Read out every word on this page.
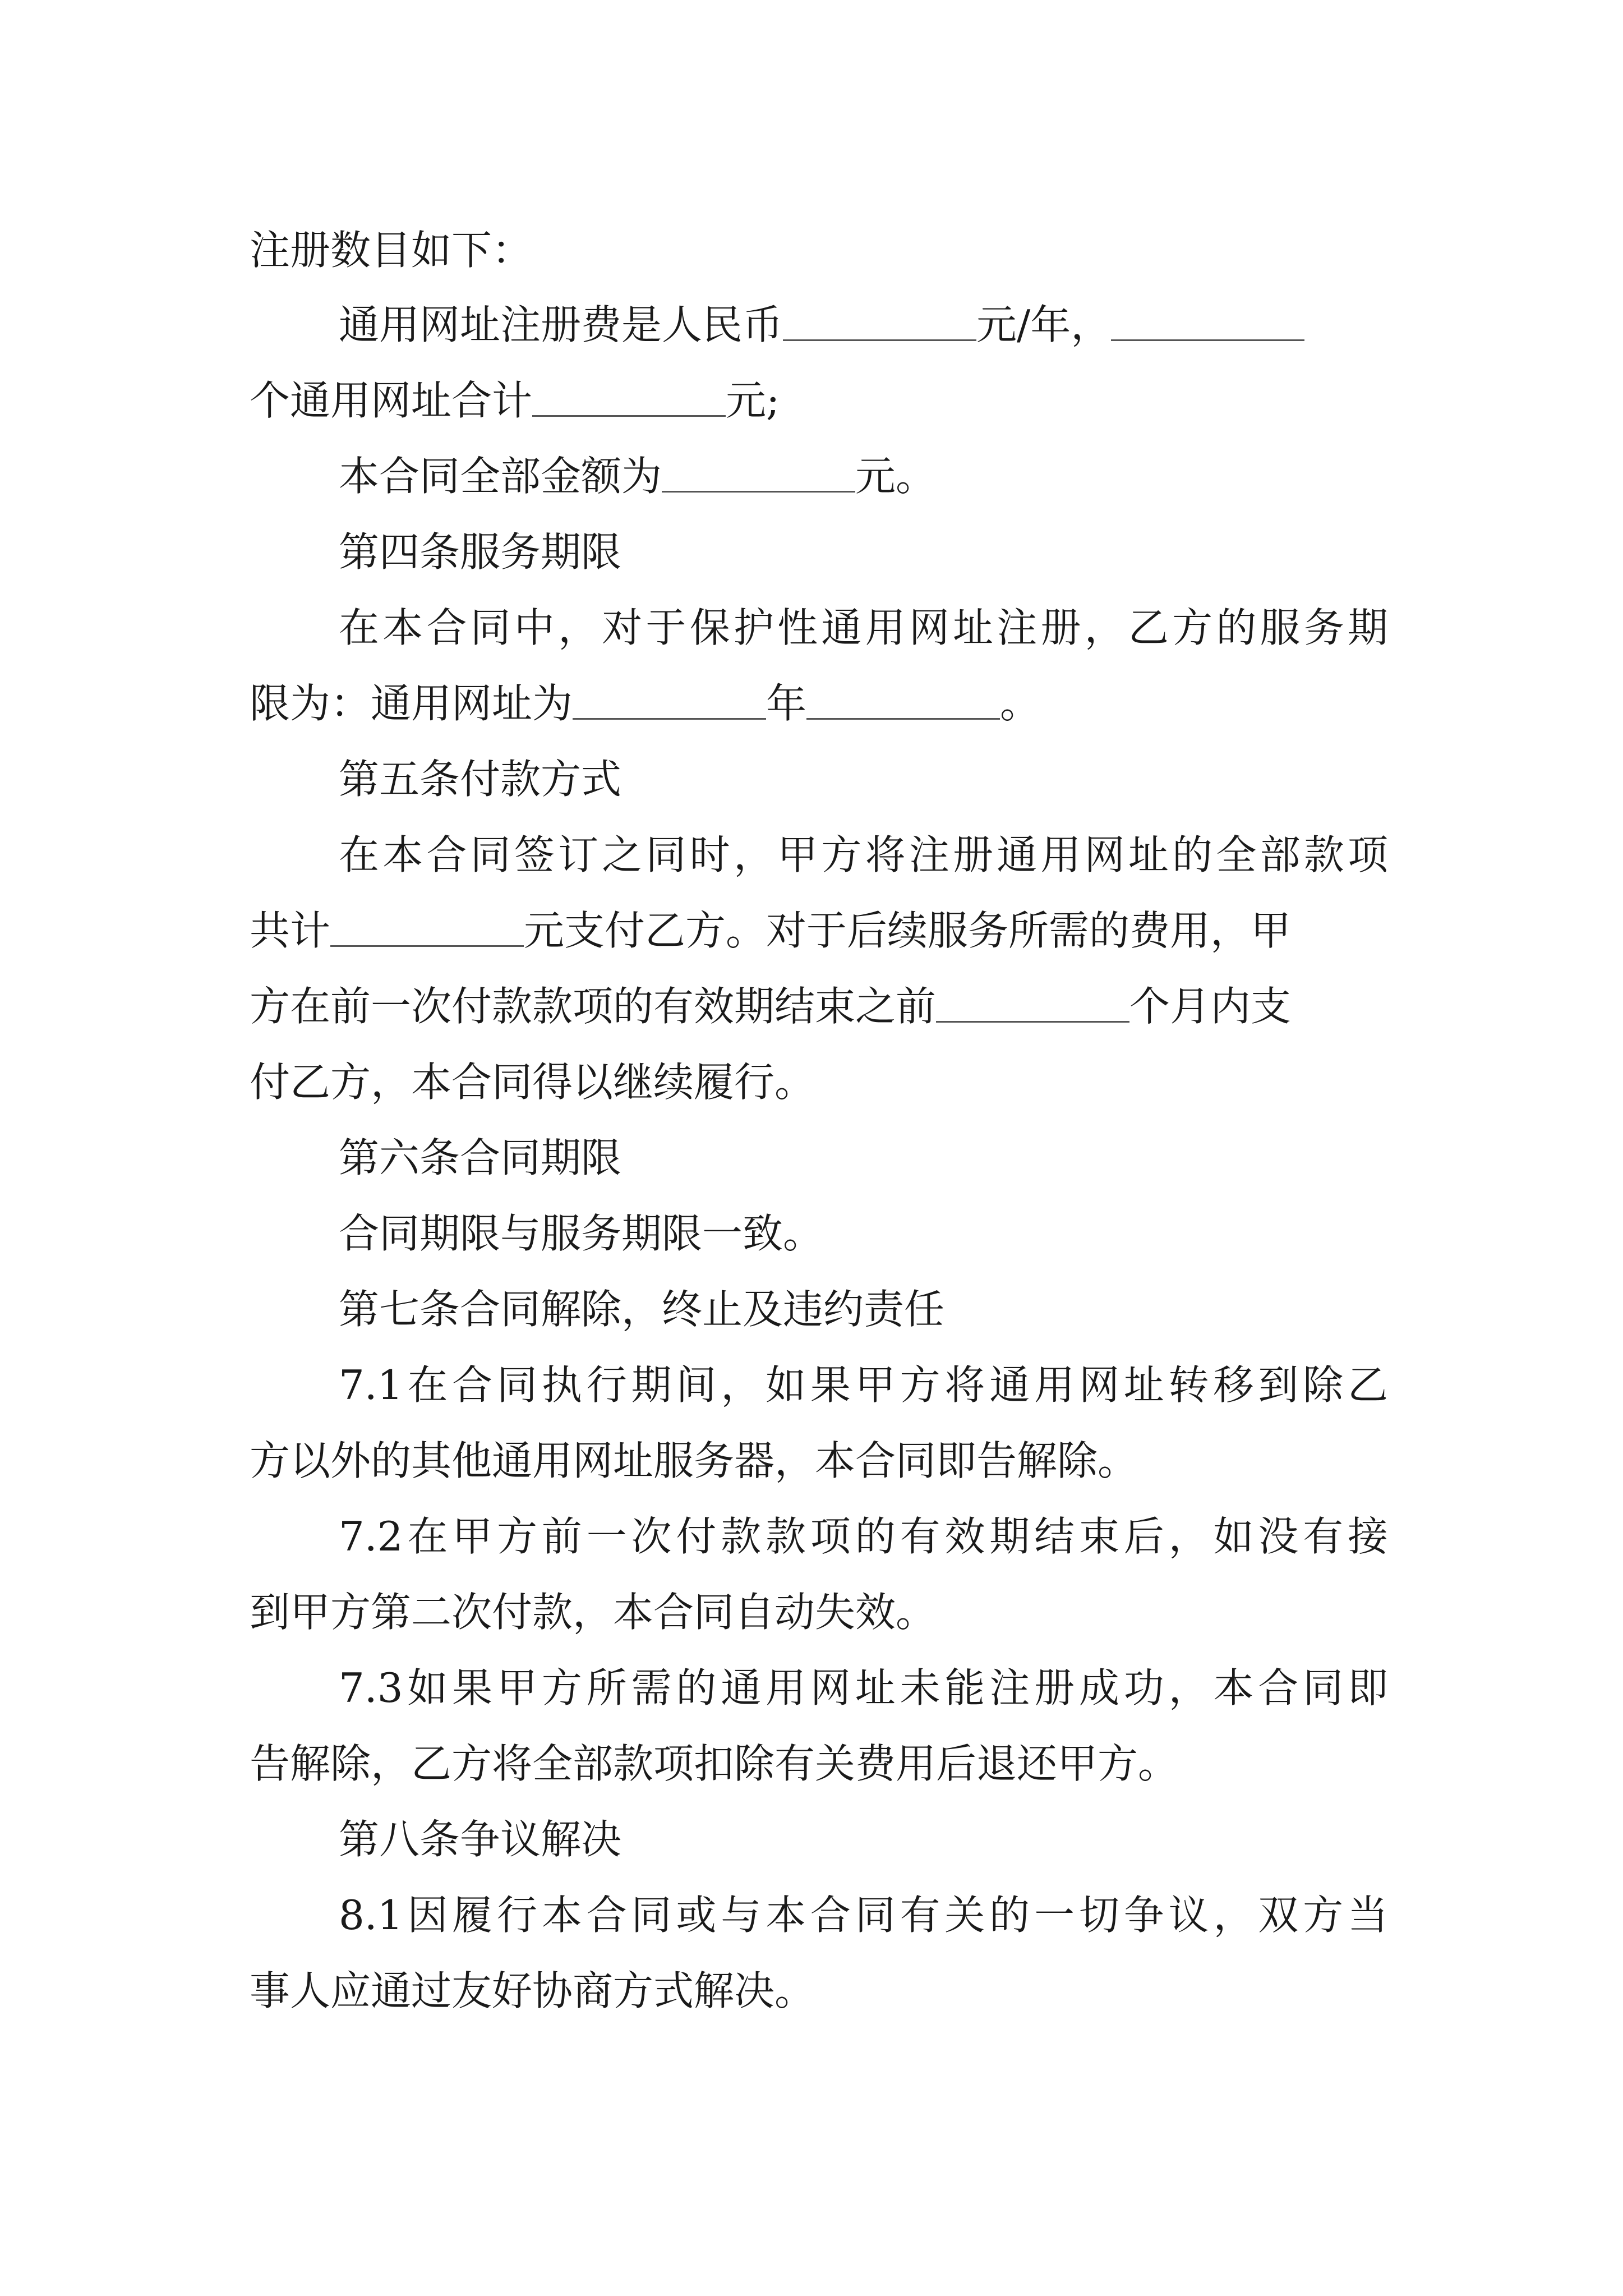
注册数目如下：
通用网址注册费是人民币	元/年，
个通用网址合计	元;
本合同全部金额为	元。
第四条服务期限
在本合同中，对于保护性通用网址注册，乙方的服务期
限为：通用网址为	年	。
第五条付款方式
在本合同签订之同时，甲方将注册通用网址的全部款项
共计	元支付乙方。对于后续服务所需的费用，甲
方在前一次付款款项的有效期结束之前	个月内支
付乙方，本合同得以继续履行。
第六条合同期限
合同期限与服务期限一致。
第七条合同解除，终止及违约责任
7.1在合同执行期间，如果甲方将通用网址转移到除乙
方以外的其他通用网址服务器，本合同即告解除。
7.2在甲方前一次付款款项的有效期结束后，如没有接
到甲方第二次付款，本合同自动失效。
7.3如果甲方所需的通用网址未能注册成功，本合同即
告解除，乙方将全部款项扣除有关费用后退还甲方。
第八条争议解决
8.1因履行本合同或与本合同有关的一切争议，双方当
事人应通过友好协商方式解决。
